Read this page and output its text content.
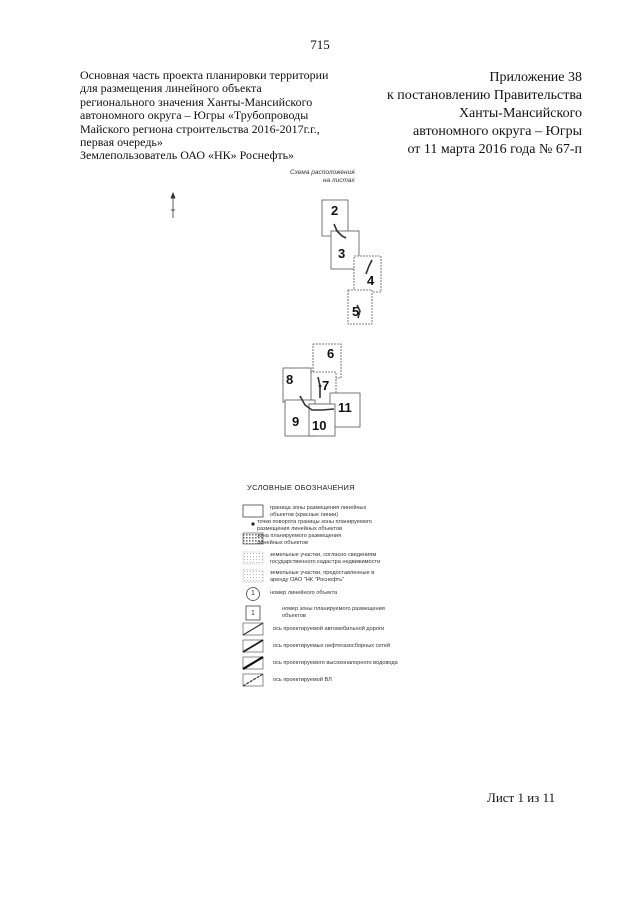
715
Основная часть проекта планировки территории
для размещения линейного объекта
регионального значения Ханты-Мансийского
автономного округа – Югры «Трубопроводы
Майского региона строительства 2016-2017г.г.,
первая очередь»
Землепользователь ОАО «НК» Роснефть»
Приложение 38
к постановлению Правительства
Ханты-Мансийского
автономного округа – Югры
от 11 марта 2016 года № 67-п
Схема расположения
на листах
2
3
4
5
6
7
8
9 10
11
УСЛОВНЫЕ ОБОЗНАЧЕНИЯ
1
1
граница зоны размещения линейных
объектов (красные линии)
точки поворота границы зоны планируемого
размещения линейных объектов
зона планируемого размещения
линейных объектов
земельные участки, согласно сведениям
государственного кадастра недвижимости
земельные участки, предоставленные в
аренду ОАО "НК "Роснефть"
номер линейного объекта
номер зоны планируемого размещения
объектов
ось проектируемой автомобильной дороги
ось проектируемых нефтегазосборных сетей
ось проектируемого высоконапорного водовода
ось проектируемой ВЛ
Лист 1 из 11
